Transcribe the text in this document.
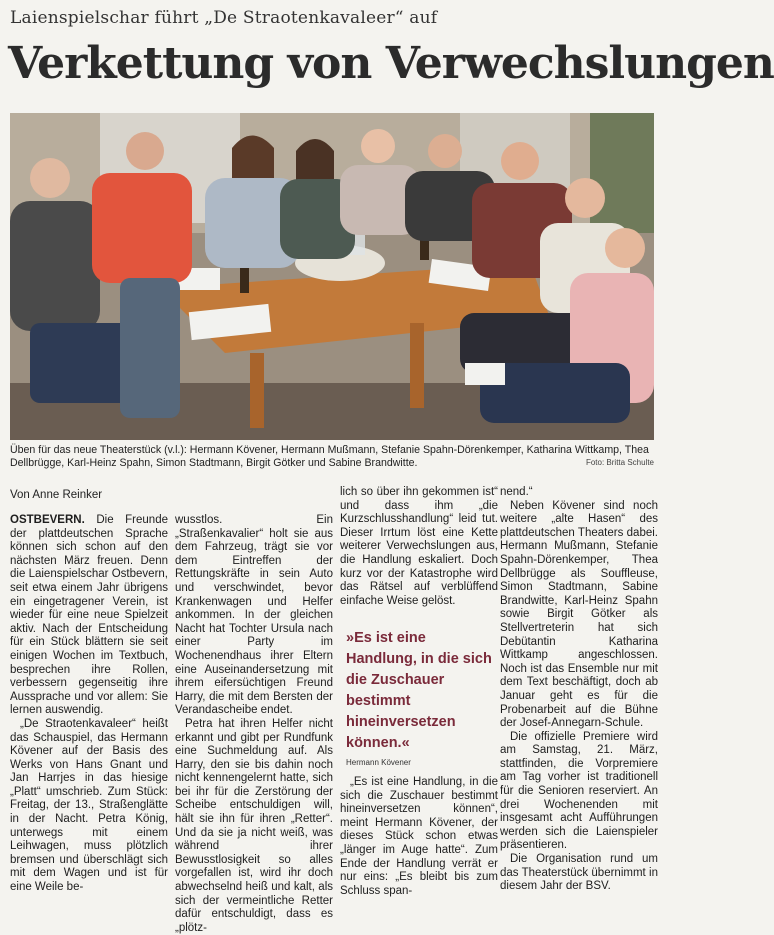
Laienspielschar führt „De Straotenkavaleer“ auf
Verkettung von Verwechslungen
Üben für das neue Theaterstück (v.l.): Hermann Kövener, Hermann Mußmann, Stefanie Spahn-Dörenkemper, Katharina Wittkamp, Thea Dellbrügge, Karl-Heinz Spahn, Simon Stadtmann, Birgit Götker und Sabine Brandwitte.	Foto: Britta Schulte
Von Anne Reinker

OSTBEVERN. Die Freunde der plattdeutschen Sprache können sich schon auf den nächsten März freuen. Denn die Laienspielschar Ostbevern, seit etwa einem Jahr übrigens ein eingetragener Verein, ist wieder für eine neue Spielzeit aktiv. Nach der Entscheidung für ein Stück blättern sie seit einigen Wochen im Textbuch, besprechen ihre Rollen, verbessern gegenseitig ihre Aussprache und vor allem: Sie lernen auswendig.

„De Straotenkavaleer“ heißt das Schauspiel, das Hermann Kövener auf der Basis des Werks von Hans Gnant und Jan Harrjes in das hiesige „Platt“ umschrieb. Zum Stück: Freitag, der 13., Straßenglätte in der Nacht. Petra König, unterwegs mit einem Leihwagen, muss plötzlich bremsen und überschlägt sich mit dem Wagen und ist für eine Weile be-

wusstlos. Ein „Straßenkavalier“ holt sie aus dem Fahrzeug, trägt sie vor dem Eintreffen der Rettungskräfte in sein Auto und verschwindet, bevor Krankenwagen und Helfer ankommen. In der gleichen Nacht hat Tochter Ursula nach einer Party im Wochenendhaus ihrer Eltern eine Auseinandersetzung mit ihrem eifersüchtigen Freund Harry, die mit dem Bersten der Verandascheibe endet.

Petra hat ihren Helfer nicht erkannt und gibt per Rundfunk eine Suchmeldung auf. Als Harry, den sie bis dahin noch nicht kennengelernt hatte, sich bei ihr für die Zerstörung der Scheibe entschuldigen will, hält sie ihn für ihren „Retter“. Und da sie ja nicht weiß, was während ihrer Bewusstlosigkeit so alles vorgefallen ist, wird ihr doch abwechselnd heiß und kalt, als sich der vermeintliche Retter dafür entschuldigt, dass es „plötz-

lich so über ihn gekommen ist“ und dass ihm „die Kurzschlusshandlung“ leid tut. Dieser Irrtum löst eine Kette weiterer Verwechslungen aus, die Handlung eskaliert. Doch kurz vor der Katastrophe wird das Rätsel auf verblüffend einfache Weise gelöst.

»Es ist eine Handlung, in die sich die Zuschauer bestimmt hineinversetzen können.«
Hermann Kövener

„Es ist eine Handlung, in die sich die Zuschauer bestimmt hineinversetzen können“, meint Hermann Kövener, der dieses Stück schon etwas „länger im Auge hatte“. Zum Ende der Handlung verrät er nur eins: „Es bleibt bis zum Schluss span-

nend.“

Neben Kövener sind noch weitere „alte Hasen“ des plattdeutschen Theaters dabei. Hermann Mußmann, Stefanie Spahn-Dörenkemper, Thea Dellbrügge als Souffleuse, Simon Stadtmann, Sabine Brandwitte, Karl-Heinz Spahn sowie Birgit Götker als Stellvertreterin hat sich Debütantin Katharina Wittkamp angeschlossen. Noch ist das Ensemble nur mit dem Text beschäftigt, doch ab Januar geht es für die Probenarbeit auf die Bühne der Josef-Annegarn-Schule.

Die offizielle Premiere wird am Samstag, 21. März, stattfinden, die Vorpremiere am Tag vorher ist traditionell für die Senioren reserviert. An drei Wochenenden mit insgesamt acht Aufführungen werden sich die Laienspieler präsentieren.

Die Organisation rund um das Theaterstück übernimmt in diesem Jahr der BSV.
